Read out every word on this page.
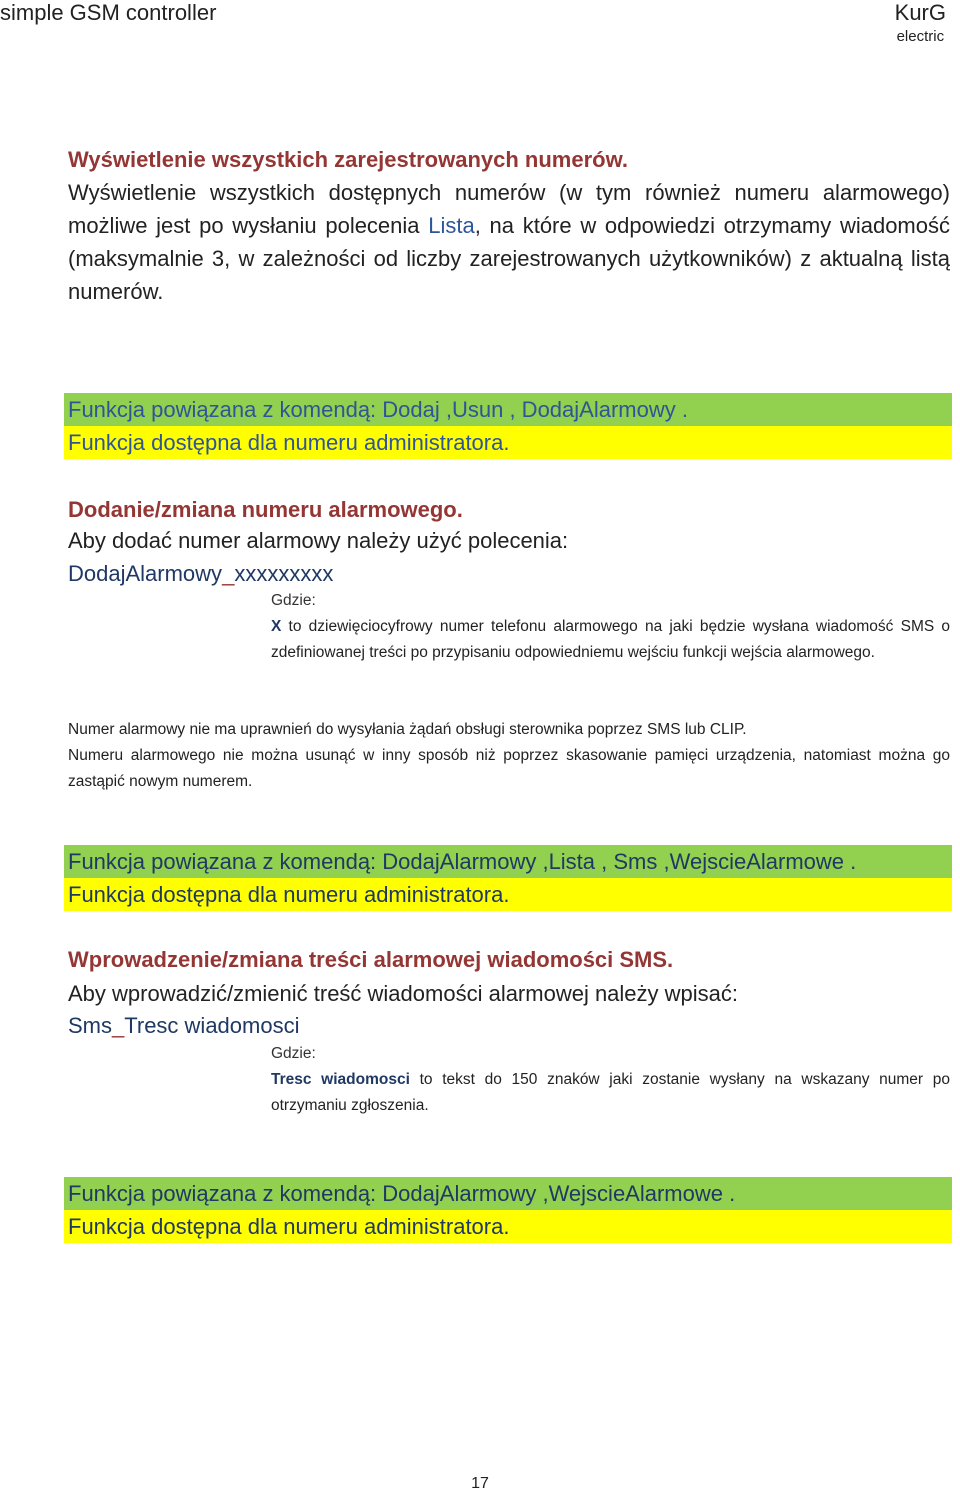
simple GSM controller	KurG
electric
Wyświetlenie wszystkich zarejestrowanych numerów.
Wyświetlenie wszystkich dostępnych numerów (w tym również numeru alarmowego) możliwe jest po wysłaniu polecenia Lista, na które w odpowiedzi otrzymamy wiadomość (maksymalnie 3, w zależności od liczby zarejestrowanych użytkowników) z aktualną listą numerów.
Funkcja powiązana z komendą: Dodaj ,Usun , DodajAlarmowy .
Funkcja dostępna dla numeru administratora.
Dodanie/zmiana numeru alarmowego.
Aby dodać numer alarmowy należy użyć polecenia:
DodajAlarmowy_xxxxxxxxx
Gdzie:
X to dziewięciocyfrowy numer telefonu alarmowego na jaki będzie wysłana wiadomość SMS o zdefiniowanej treści po przypisaniu odpowiedniemu wejściu funkcji wejścia alarmowego.
Numer alarmowy nie ma uprawnień do wysyłania żądań obsługi sterownika poprzez SMS lub CLIP.
Numeru alarmowego nie można usunąć w inny sposób niż poprzez skasowanie pamięci urządzenia, natomiast można go zastąpić nowym numerem.
Funkcja powiązana z komendą: DodajAlarmowy ,Lista , Sms ,WejscieAlarmowe .
Funkcja dostępna dla numeru administratora.
Wprowadzenie/zmiana treści alarmowej wiadomości SMS.
Aby wprowadzić/zmienić treść wiadomości alarmowej należy wpisać:
Sms_Tresc wiadomosci
Gdzie:
Tresc wiadomosci to tekst do 150 znaków jaki zostanie wysłany na wskazany numer po otrzymaniu zgłoszenia.
Funkcja powiązana z komendą: DodajAlarmowy ,WejscieAlarmowe .
Funkcja dostępna dla numeru administratora.
17
